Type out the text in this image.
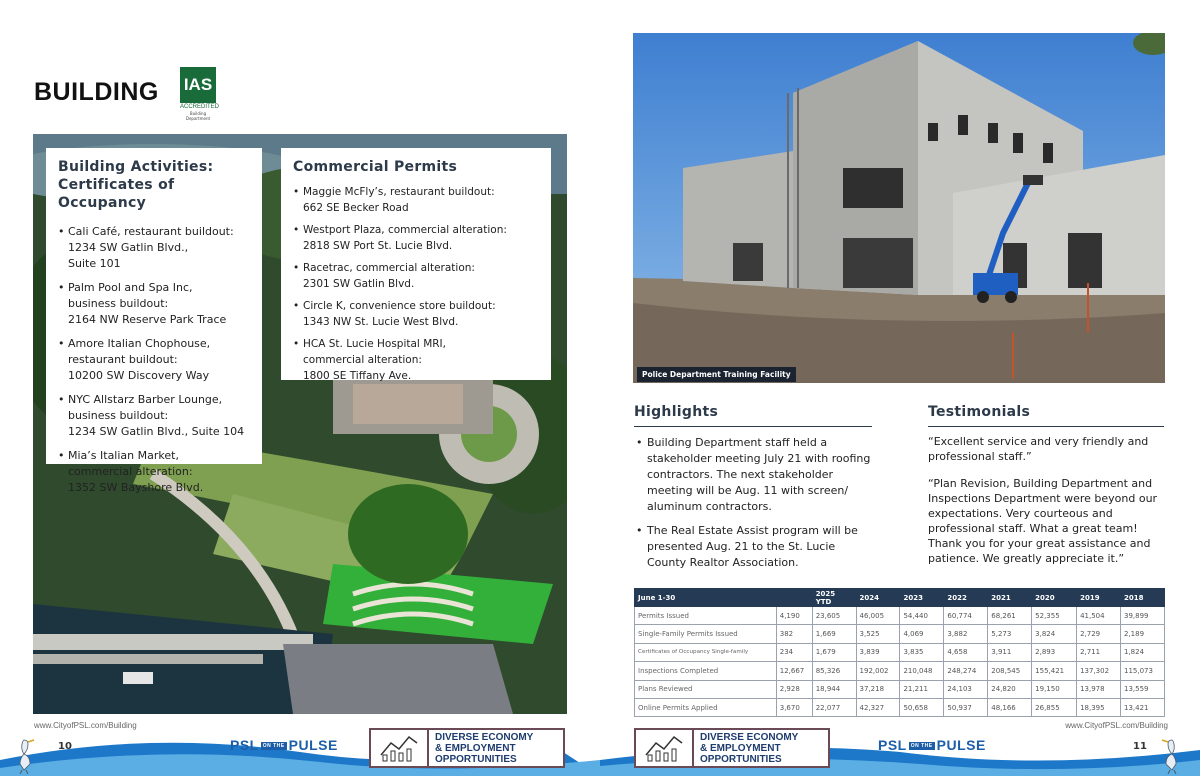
BUILDING IAS
ACCREDITED
Building Department
Building Activities:
Certificates of Occupancy
• Cali Café, restaurant buildout:
1234 SW Gatlin Blvd.,
Suite 101
• Palm Pool and Spa Inc,
business buildout:
2164 NW Reserve Park Trace
• Amore Italian Chophouse,
restaurant buildout:
10200 SW Discovery Way
• NYC Allstarz Barber Lounge,
business buildout:
1234 SW Gatlin Blvd., Suite 104
• Mia’s Italian Market,
commercial alteration:
1352 SW Bayshore Blvd.
Commercial Permits
• Maggie McFly’s, restaurant buildout:
662 SE Becker Road
• Westport Plaza, commercial alteration:
2818 SW Port St. Lucie Blvd.
• Racetrac, commercial alteration:
2301 SW Gatlin Blvd.
• Circle K, convenience store buildout:
1343 NW St. Lucie West Blvd.
• HCA St. Lucie Hospital MRI,
commercial alteration:
1800 SE Tiffany Ave.
www.CityofPSL.com/Building
Police Department Training Facility
Highlights
• Building Department staff held a stakeholder meeting July 21 with roofing contractors. The next stakeholder meeting will be Aug. 11 with screen/ aluminum contractors.
• The Real Estate Assist program will be presented Aug. 21 to the St. Lucie County Realtor Association.
Testimonials

“Excellent service and very friendly and professional staff.”

“Plan Revision, Building Department and Inspections Department were beyond our expectations. Very courteous and professional staff. What a great team! Thank you for your great assistance and patience. We greatly appreciate it.”

June 1-30		2025 YTD	2024	2023	2022	2021	2020	2019	2018
Permits Issued	4,190	23,605	46,005	54,440	60,774	68,261	52,355	41,504	39,899
Single-Family Permits Issued	382	1,669	3,525	4,069	3,882	5,273	3,824	2,729	2,189
Certificates of Occupancy Single-family	234	1,679	3,839	3,835	4,658	3,911	2,893	2,711	1,824
Inspections Completed	12,667	85,326	192,002	210,048	248,274	208,545	155,421	137,302	115,073
Plans Reviewed	2,928	18,944	37,218	21,211	24,103	24,820	19,150	13,978	13,559
Online Permits Applied	3,670	22,077	42,327	50,658	50,937	48,166	26,855	18,395	13,421
www.CityofPSL.com/Building
10	11
PSL ON THE PULSE	PSL ON THE PULSE
DIVERSE ECONOMY
& EMPLOYMENT
OPPORTUNITIES
DIVERSE ECONOMY
& EMPLOYMENT
OPPORTUNITIES
